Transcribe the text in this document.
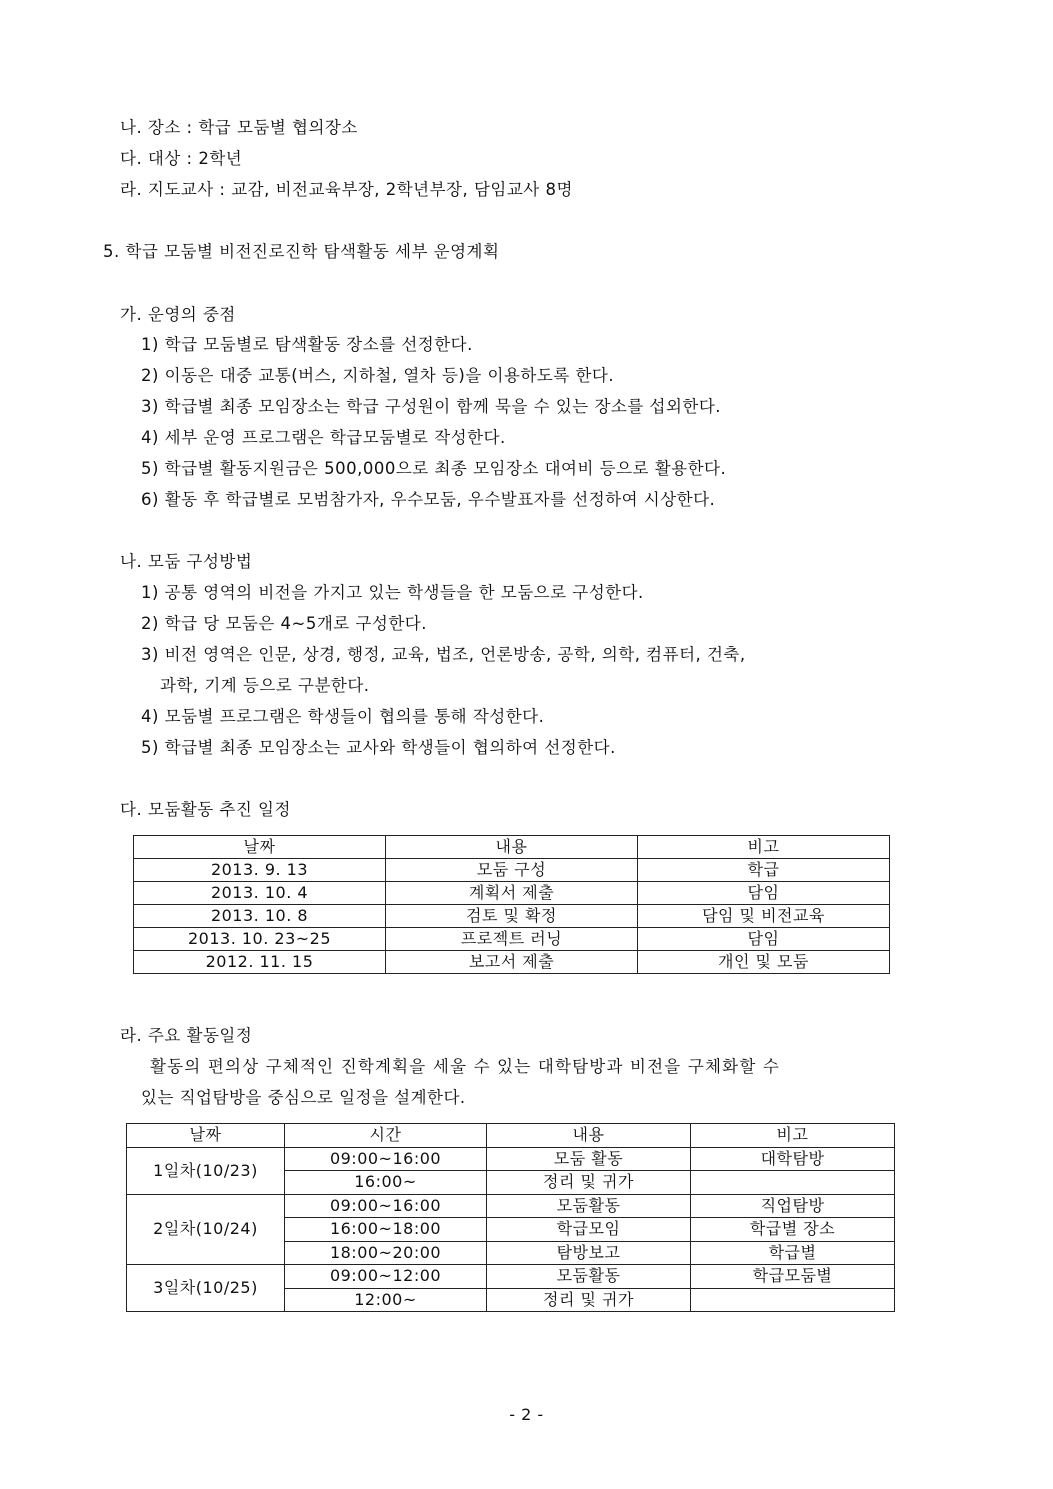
나. 장소 : 학급 모둠별 협의장소
다. 대상 : 2학년
라. 지도교사 : 교감, 비전교육부장, 2학년부장, 담임교사 8명
5. 학급 모둠별 비전진로진학 탐색활동 세부 운영계획
가. 운영의 중점
1) 학급 모둠별로 탐색활동 장소를 선정한다.
2) 이동은 대중 교통(버스, 지하철, 열차 등)을 이용하도록 한다.
3) 학급별 최종 모임장소는 학급 구성원이 함께 묵을 수 있는 장소를 섭외한다.
4) 세부 운영 프로그램은 학급모둠별로 작성한다.
5) 학급별 활동지원금은 500,000으로 최종 모임장소 대여비 등으로 활용한다.
6) 활동 후 학급별로 모범참가자, 우수모둠, 우수발표자를 선정하여 시상한다.
나. 모둠 구성방법
1) 공통 영역의 비전을 가지고 있는 학생들을 한 모둠으로 구성한다.
2) 학급 당 모둠은 4~5개로 구성한다.
3) 비전 영역은 인문, 상경, 행정, 교육, 법조, 언론방송, 공학, 의학, 컴퓨터, 건축,
과학, 기계 등으로 구분한다.
4) 모둠별 프로그램은 학생들이 협의를 통해 작성한다.
5) 학급별 최종 모임장소는 교사와 학생들이 협의하여 선정한다.
다. 모둠활동 추진 일정
날짜	내용	비고
2013. 9. 13	모둠 구성	학급
2013. 10. 4	계획서 제출	담임
2013. 10. 8	검토 및 확정	담임 및 비전교육
2013. 10. 23~25	프로젝트 러닝	담임
2012. 11. 15	보고서 제출	개인 및 모둠
라. 주요 활동일정
활동의 편의상 구체적인 진학계획을 세울 수 있는 대학탐방과 비전을 구체화할 수
있는 직업탐방을 중심으로 일정을 설계한다.
날짜	시간	내용	비고
1일차(10/23)	09:00~16:00	모둠 활동	대학탐방
	16:00~	정리 및 귀가	
2일차(10/24)	09:00~16:00	모둠활동	직업탐방
	16:00~18:00	학급모임	학급별 장소
	18:00~20:00	탐방보고	학급별
3일차(10/25)	09:00~12:00	모둠활동	학급모둠별
	12:00~	정리 및 귀가	
- 2 -
